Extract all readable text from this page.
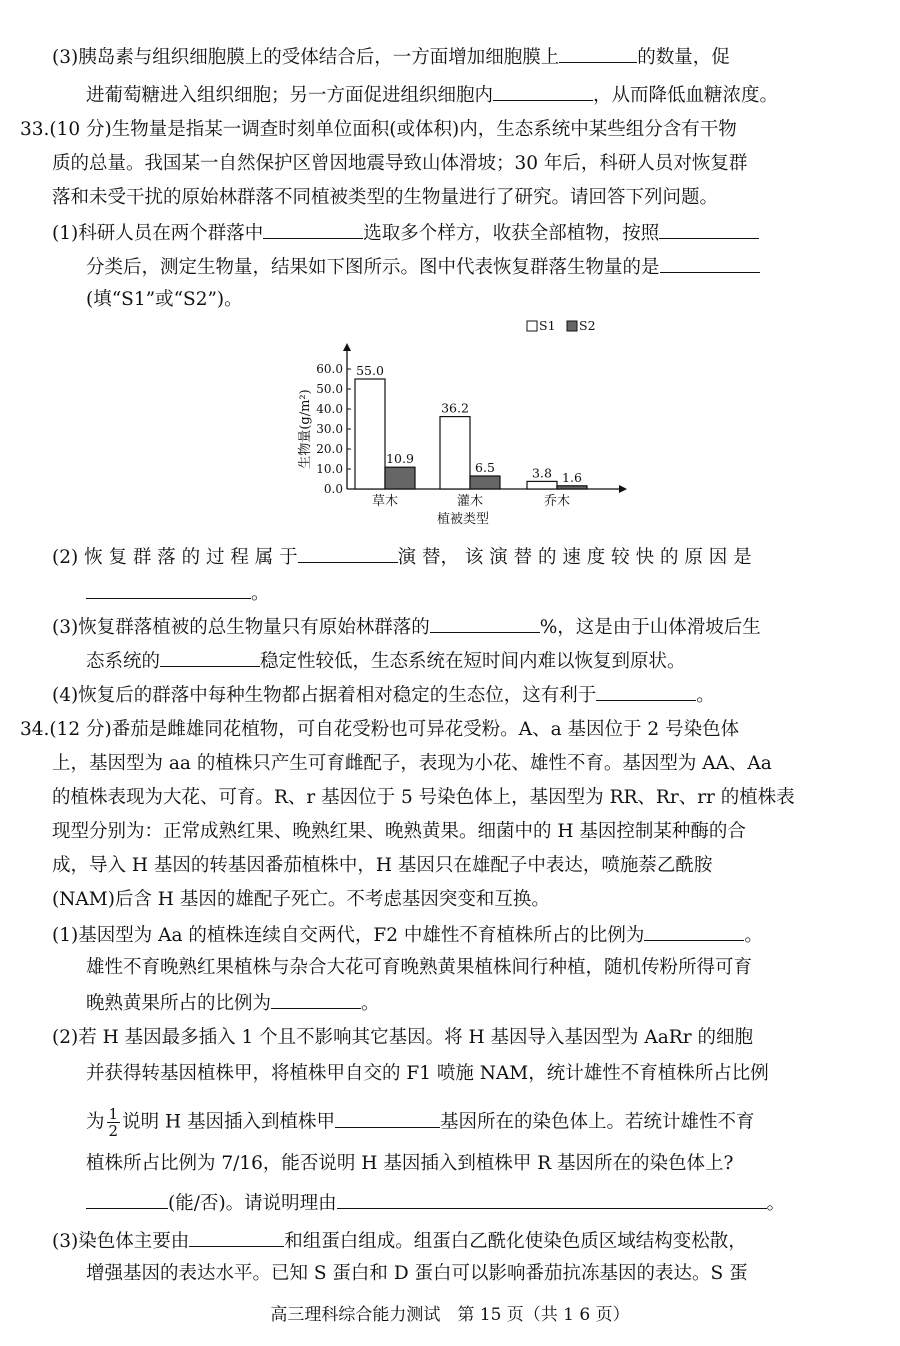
(3)胰岛素与组织细胞膜上的受体结合后，一方面增加细胞膜上	的数量，促
进葡萄糖进入组织细胞；另一方面促进组织细胞内	，从而降低血糖浓度。
33.(10 分)生物量是指某一调查时刻单位面积(或体积)内，生态系统中某些组分含有干物
质的总量。我国某一自然保护区曾因地震导致山体滑坡；30 年后，科研人员对恢复群
落和未受干扰的原始林群落不同植被类型的生物量进行了研究。请回答下列问题。
(1)科研人员在两个群落中	选取多个样方，收获全部植物，按照
分类后，测定生物量，结果如下图所示。图中代表恢复群落生物量的是
(填“S1”或“S2”)。
(2) 恢 复 群 落 的 过 程 属 于	演 替， 该 演 替 的 速 度 较 快 的 原 因 是
。
(3)恢复群落植被的总生物量只有原始林群落的	%，这是由于山体滑坡后生
态系统的	稳定性较低，生态系统在短时间内难以恢复到原状。
(4)恢复后的群落中每种生物都占据着相对稳定的生态位，这有利于	。
34.(12 分)番茄是雌雄同花植物，可自花受粉也可异花受粉。A、a 基因位于 2 号染色体
上，基因型为 aa 的植株只产生可育雌配子，表现为小花、雄性不育。基因型为 AA、Aa
的植株表现为大花、可育。R、r 基因位于 5 号染色体上，基因型为 RR、Rr、rr 的植株表
现型分别为：正常成熟红果、晚熟红果、晚熟黄果。细菌中的 H 基因控制某种酶的合
成，导入 H 基因的转基因番茄植株中，H 基因只在雄配子中表达，喷施萘乙酰胺
(NAM)后含 H 基因的雄配子死亡。不考虑基因突变和互换。
(1)基因型为 Aa 的植株连续自交两代，F2 中雄性不育植株所占的比例为	。
雄性不育晚熟红果植株与杂合大花可育晚熟黄果植株间行种植，随机传粉所得可育
晚熟黄果所占的比例为	。
(2)若 H 基因最多插入 1 个且不影响其它基因。将 H 基因导入基因型为 AaRr 的细胞
并获得转基因植株甲，将植株甲自交的 F1 喷施 NAM，统计雄性不育植株所占比例
为 $\frac{1}{2}$ 说明 H 基因插入到植株甲	基因所在的染色体上。若统计雄性不育
植株所占比例为 7/16，能否说明 H 基因插入到植株甲 R 基因所在的染色体上?
(能/否)。请说明理由	。
(3)染色体主要由	和组蛋白组成。组蛋白乙酰化使染色质区域结构变松散，
增强基因的表达水平。已知 S 蛋白和 D 蛋白可以影响番茄抗冻基因的表达。S 蛋
0.0
10.0
20.0
30.0
40.0
50.0
60.0
生物量(g/m²)
55.0
10.9
草木
36.2
6.5
灌木
3.8 1.6
乔木
植被类型
S1 S2
高三理科综合能力测试　第 15 页（共 1 6 页）
